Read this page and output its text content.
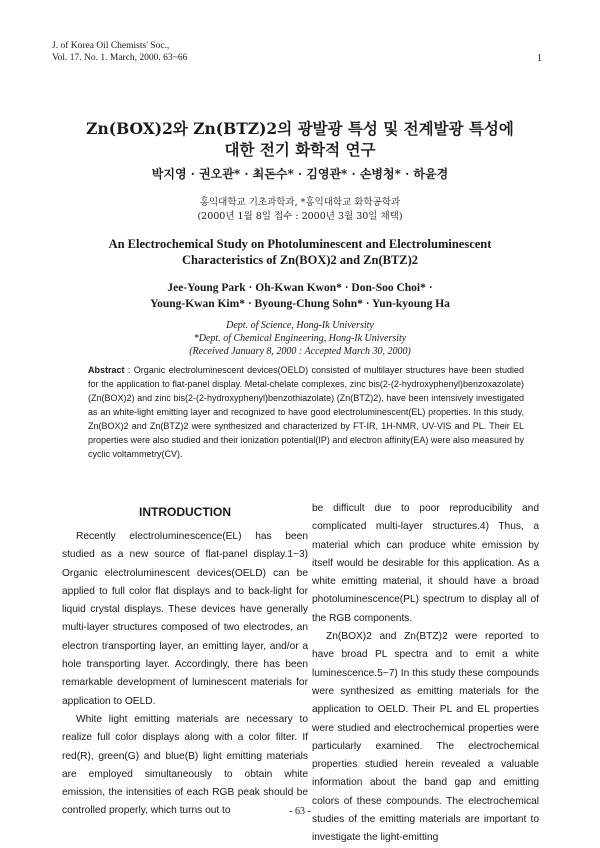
J. of Korea Oil Chemists' Soc.,
Vol. 17. No. 1. March, 2000. 63~66	1
Zn(BOX)2와 Zn(BTZ)2의 광발광 특성 및 전계발광 특성에
대한 전기 화학적 연구
박지영 · 권오관* · 최돈수* · 김영관* · 손병청* · 하윤경
홍익대학교 기초과학과, *홍익대학교 화학공학과
(2000년 1월 8일 접수 : 2000년 3월 30일 채택)
An Electrochemical Study on Photoluminescent and Electroluminescent
Characteristics of Zn(BOX)2 and Zn(BTZ)2
Jee-Young Park · Oh-Kwan Kwon* · Don-Soo Choi* ·
Young-Kwan Kim* · Byoung-Chung Sohn* · Yun-kyoung Ha
Dept. of Science, Hong-Ik University
*Dept. of Chemical Engineering, Hong-Ik University
(Received January 8, 2000 : Accepted March 30, 2000)
Abstract : Organic electroluminescent devices(OELD) consisted of multilayer structures have been studied for the application to flat-panel display. Metal-chelate complexes, zinc bis(2-(2-hydroxyphenyl)benzoxazolate) (Zn(BOX)2) and zinc bis(2-(2-hydroxyphenyl)benzothiazolate) (Zn(BTZ)2), have been intensively investigated as an white-light emitting layer and recognized to have good electroluminescent(EL) properties. In this study, Zn(BOX)2 and Zn(BTZ)2 were synthesized and characterized by FT-IR, 1H-NMR, UV-VIS and PL. Their EL properties were also studied and their ionization potential(IP) and electron affinity(EA) were also measured by cyclic voltammetry(CV).
INTRODUCTION

Recently electroluminescence(EL) has been studied as a new source of flat-panel display.1~3) Organic electroluminescent devices(OELD) can be applied to full color flat displays and to back-light for liquid crystal displays. These devices have generally multi-layer structures composed of two electrodes, an electron transporting layer, an emitting layer, and/or a hole transporting layer. Accordingly, there has been remarkable development of luminescent materials for application to OELD.

White light emitting materials are necessary to realize full color displays along with a color filter. If red(R), green(G) and blue(B) light emitting materials are employed simultaneously to obtain white emission, the intensities of each RGB peak should be controlled properly, which turns out to

be difficult due to poor reproducibility and complicated multi-layer structures.4) Thus, a material which can produce white emission by itself would be desirable for this application. As a white emitting material, it should have a broad photoluminescence(PL) spectrum to display all of the RGB components.

Zn(BOX)2 and Zn(BTZ)2 were reported to have broad PL spectra and to emit a white luminescence.5~7) In this study these compounds were synthesized as emitting materials for the application to OELD. Their PL and EL properties were studied and electrochemical properties were particularly examined. The electrochemical properties studied herein revealed a valuable information about the band gap and emitting colors of these compounds. The electrochemical studies of the emitting materials are important to investigate the light-emitting

- 63 -
